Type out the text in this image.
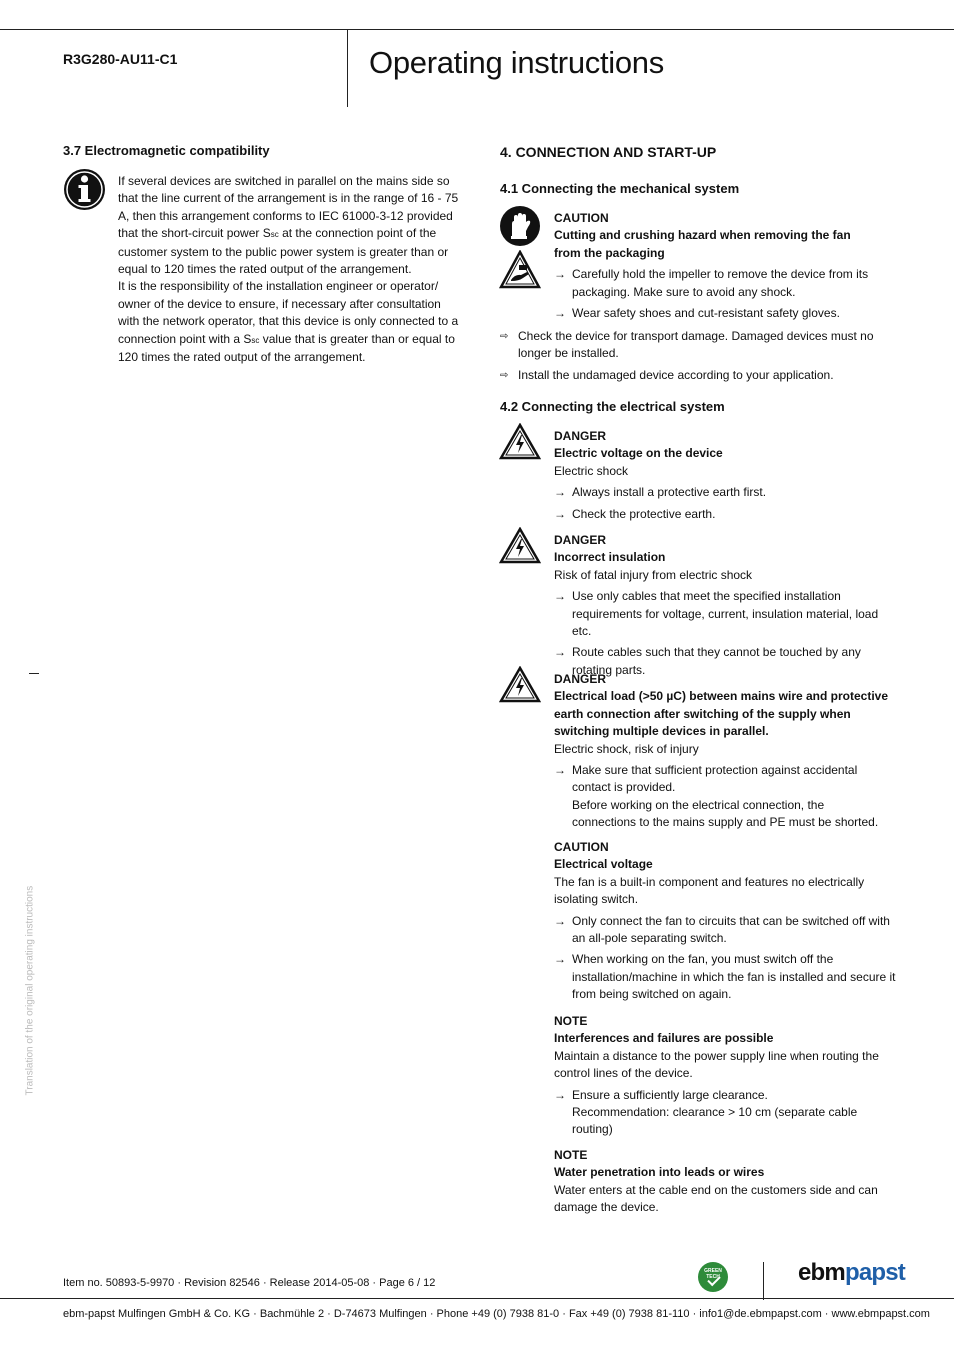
R3G280-AU11-C1	Operating instructions
3.7 Electromagnetic compatibility

If several devices are switched in parallel on the mains side so that the line current of the arrangement is in the range of 16 - 75 A, then this arrangement conforms to IEC 61000-3-12 provided that the short-circuit power Ssc at the connection point of the customer system to the public power system is greater than or equal to 120 times the rated output of the arrangement.

It is the responsibility of the installation engineer or operator/ owner of the device to ensure, if necessary after consultation with the network operator, that this device is only connected to a connection point with a Ssc value that is greater than or equal to 120 times the rated output of the arrangement.

Translation of the original operating instructions
4. CONNECTION AND START-UP
4.1 Connecting the mechanical system
CAUTION
Cutting and crushing hazard when removing the fan from the packaging
→ Carefully hold the impeller to remove the device from its packaging. Make sure to avoid any shock.
→ Wear safety shoes and cut-resistant safety gloves.
⇨ Check the device for transport damage. Damaged devices must no longer be installed.
⇨ Install the undamaged device according to your application.
4.2 Connecting the electrical system
DANGER
Electric voltage on the device
Electric shock
→ Always install a protective earth first.
→ Check the protective earth.
DANGER
Incorrect insulation
Risk of fatal injury from electric shock
→ Use only cables that meet the specified installation requirements for voltage, current, insulation material, load etc.
→ Route cables such that they cannot be touched by any rotating parts.
DANGER
Electrical load (>50 µC) between mains wire and protective earth connection after switching of the supply when switching multiple devices in parallel.
Electric shock, risk of injury
→ Make sure that sufficient protection against accidental contact is provided.
Before working on the electrical connection, the connections to the mains supply and PE must be shorted.
CAUTION
Electrical voltage
The fan is a built-in component and features no electrically isolating switch.
→ Only connect the fan to circuits that can be switched off with an all-pole separating switch.
→ When working on the fan, you must switch off the installation/machine in which the fan is installed and secure it from being switched on again.
NOTE
Interferences and failures are possible
Maintain a distance to the power supply line when routing the control lines of the device.
→ Ensure a sufficiently large clearance.
Recommendation: clearance > 10 cm (separate cable routing)
NOTE
Water penetration into leads or wires
Water enters at the cable end on the customers side and can damage the device.
Item no. 50893-5-9970 · Revision 82546 · Release 2014-05-08 · Page 6 / 12
GREEN TECH	ebmpapst
ebm-papst Mulfingen GmbH & Co. KG · Bachmühle 2 · D-74673 Mulfingen · Phone +49 (0) 7938 81-0 · Fax +49 (0) 7938 81-110 · info1@de.ebmpapst.com · www.ebmpapst.com
